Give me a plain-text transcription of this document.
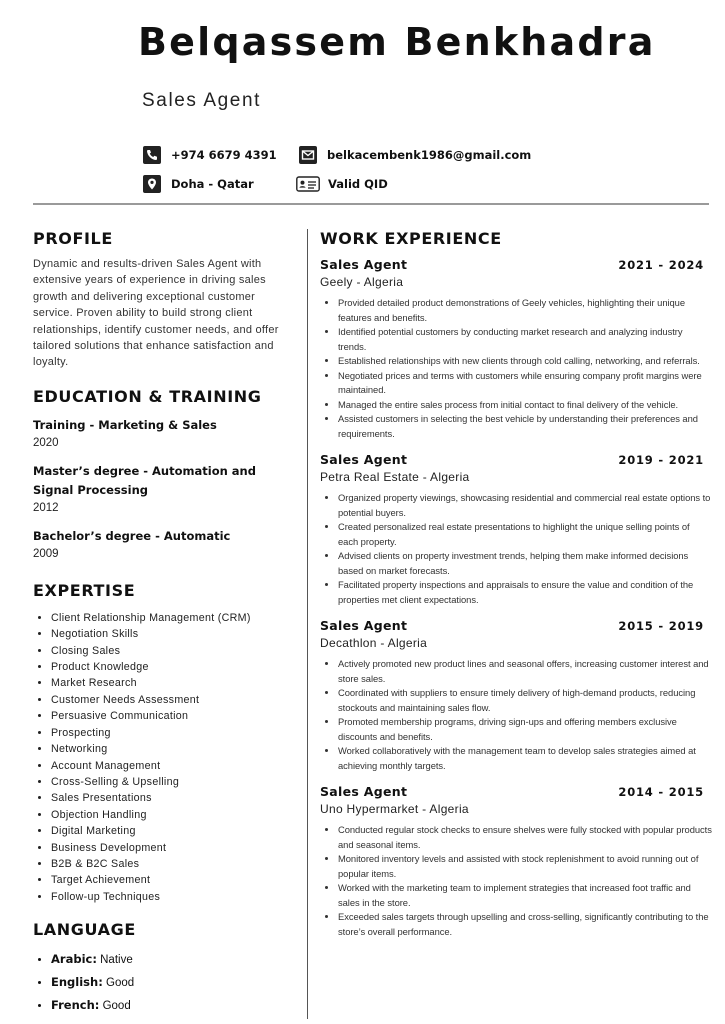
Belqassem Benkhadra
Sales Agent
+974 6679 4391	belkacembenk1986@gmail.com
Doha - Qatar	Valid QID
PROFILE

Dynamic and results-driven Sales Agent with extensive years of experience in driving sales growth and delivering exceptional customer service. Proven ability to build strong client relationships, identify customer needs, and offer tailored solutions that enhance satisfaction and loyalty.

EDUCATION & TRAINING
Training - Marketing & Sales
2020
Master’s degree - Automation and Signal Processing
2012
Bachelor’s degree - Automatic
2009
EXPERTISE
• Client Relationship Management (CRM)
• Negotiation Skills
• Closing Sales
• Product Knowledge
• Market Research
• Customer Needs Assessment
• Persuasive Communication
• Prospecting
• Networking
• Account Management
• Cross-Selling & Upselling
• Sales Presentations
• Objection Handling
• Digital Marketing
• Business Development
• B2B & B2C Sales
• Target Achievement
• Follow-up Techniques
LANGUAGE
• Arabic: Native
• English: Good
• French: Good
WORK EXPERIENCE
Sales Agent	2021 - 2024
Geely - Algeria
• Provided detailed product demonstrations of Geely vehicles, highlighting their unique features and benefits.
• Identified potential customers by conducting market research and analyzing industry trends.
• Established relationships with new clients through cold calling, networking, and referrals.
• Negotiated prices and terms with customers while ensuring company profit margins were maintained.
• Managed the entire sales process from initial contact to final delivery of the vehicle.
• Assisted customers in selecting the best vehicle by understanding their preferences and requirements.
Sales Agent	2019 - 2021
Petra Real Estate - Algeria
• Organized property viewings, showcasing residential and commercial real estate options to potential buyers.
• Created personalized real estate presentations to highlight the unique selling points of each property.
• Advised clients on property investment trends, helping them make informed decisions based on market forecasts.
• Facilitated property inspections and appraisals to ensure the value and condition of the properties met client expectations.
Sales Agent	2015 - 2019
Decathlon - Algeria
• Actively promoted new product lines and seasonal offers, increasing customer interest and store sales.
• Coordinated with suppliers to ensure timely delivery of high-demand products, reducing stockouts and maintaining sales flow.
• Promoted membership programs, driving sign-ups and offering members exclusive discounts and benefits.
• Worked collaboratively with the management team to develop sales strategies aimed at achieving monthly targets.
Sales Agent	2014 - 2015
Uno Hypermarket - Algeria
• Conducted regular stock checks to ensure shelves were fully stocked with popular products and seasonal items.
• Monitored inventory levels and assisted with stock replenishment to avoid running out of popular items.
• Worked with the marketing team to implement strategies that increased foot traffic and sales in the store.
• Exceeded sales targets through upselling and cross-selling, significantly contributing to the store’s overall performance.
